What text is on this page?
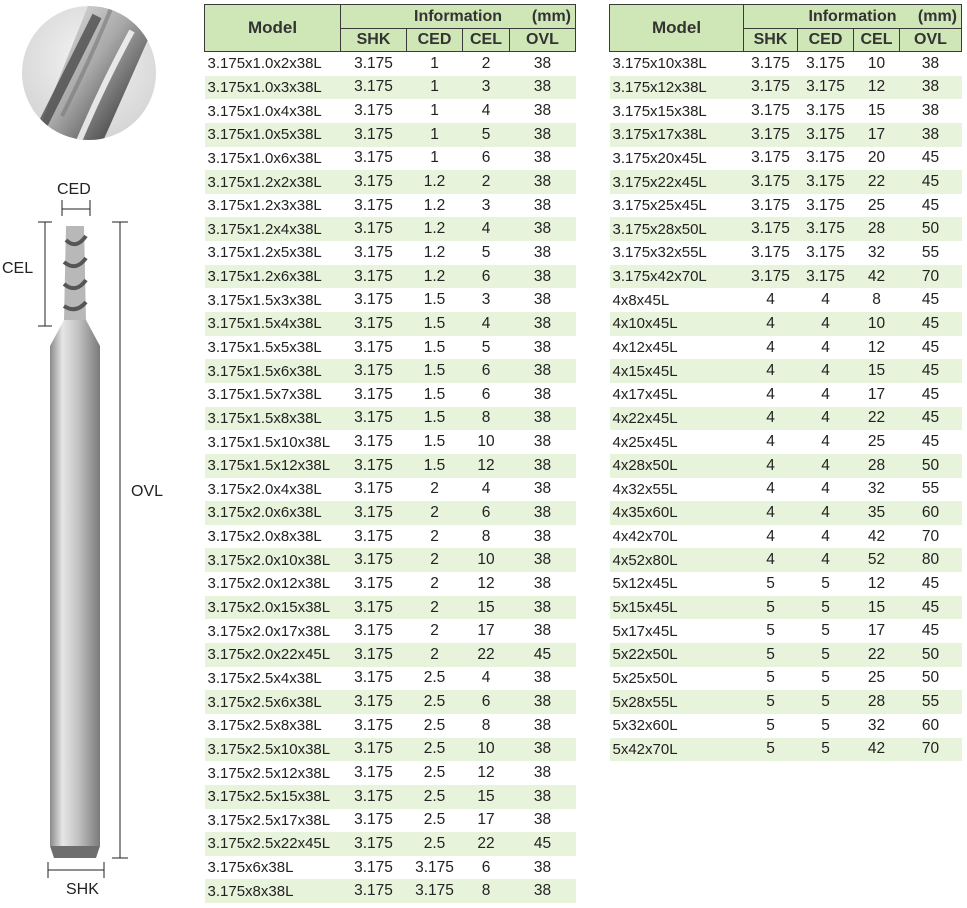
CED
CEL
OVL
SHK
Model	Information (mm)			

	SHK	CED	CEL	OVL
3.175x1.0x2x38L	3.175	1	2	38
3.175x1.0x3x38L	3.175	1	3	38
3.175x1.0x4x38L	3.175	1	4	38
3.175x1.0x5x38L	3.175	1	5	38
3.175x1.0x6x38L	3.175	1	6	38
3.175x1.2x2x38L	3.175	1.2	2	38
3.175x1.2x3x38L	3.175	1.2	3	38
3.175x1.2x4x38L	3.175	1.2	4	38
3.175x1.2x5x38L	3.175	1.2	5	38
3.175x1.2x6x38L	3.175	1.2	6	38
3.175x1.5x3x38L	3.175	1.5	3	38
3.175x1.5x4x38L	3.175	1.5	4	38
3.175x1.5x5x38L	3.175	1.5	5	38
3.175x1.5x6x38L	3.175	1.5	6	38
3.175x1.5x7x38L	3.175	1.5	6	38
3.175x1.5x8x38L	3.175	1.5	8	38
3.175x1.5x10x38L	3.175	1.5	10	38
3.175x1.5x12x38L	3.175	1.5	12	38
3.175x2.0x4x38L	3.175	2	4	38
3.175x2.0x6x38L	3.175	2	6	38
3.175x2.0x8x38L	3.175	2	8	38
3.175x2.0x10x38L	3.175	2	10	38
3.175x2.0x12x38L	3.175	2	12	38
3.175x2.0x15x38L	3.175	2	15	38
3.175x2.0x17x38L	3.175	2	17	38
3.175x2.0x22x45L	3.175	2	22	45
3.175x2.5x4x38L	3.175	2.5	4	38
3.175x2.5x6x38L	3.175	2.5	6	38
3.175x2.5x8x38L	3.175	2.5	8	38
3.175x2.5x10x38L	3.175	2.5	10	38
3.175x2.5x12x38L	3.175	2.5	12	38
3.175x2.5x15x38L	3.175	2.5	15	38
3.175x2.5x17x38L	3.175	2.5	17	38
3.175x2.5x22x45L	3.175	2.5	22	45
3.175x6x38L	3.175	3.175	6	38
3.175x8x38L	3.175	3.175	8	38
Model	Information (mm)			

	SHK	CED	CEL	OVL
3.175x10x38L	3.175	3.175	10	38
3.175x12x38L	3.175	3.175	12	38
3.175x15x38L	3.175	3.175	15	38
3.175x17x38L	3.175	3.175	17	38
3.175x20x45L	3.175	3.175	20	45
3.175x22x45L	3.175	3.175	22	45
3.175x25x45L	3.175	3.175	25	45
3.175x28x50L	3.175	3.175	28	50
3.175x32x55L	3.175	3.175	32	55
3.175x42x70L	3.175	3.175	42	70
4x8x45L	4	4	8	45
4x10x45L	4	4	10	45
4x12x45L	4	4	12	45
4x15x45L	4	4	15	45
4x17x45L	4	4	17	45
4x22x45L	4	4	22	45
4x25x45L	4	4	25	45
4x28x50L	4	4	28	50
4x32x55L	4	4	32	55
4x35x60L	4	4	35	60
4x42x70L	4	4	42	70
4x52x80L	4	4	52	80
5x12x45L	5	5	12	45
5x15x45L	5	5	15	45
5x17x45L	5	5	17	45
5x22x50L	5	5	22	50
5x25x50L	5	5	25	50
5x28x55L	5	5	28	55
5x32x60L	5	5	32	60
5x42x70L	5	5	42	70
